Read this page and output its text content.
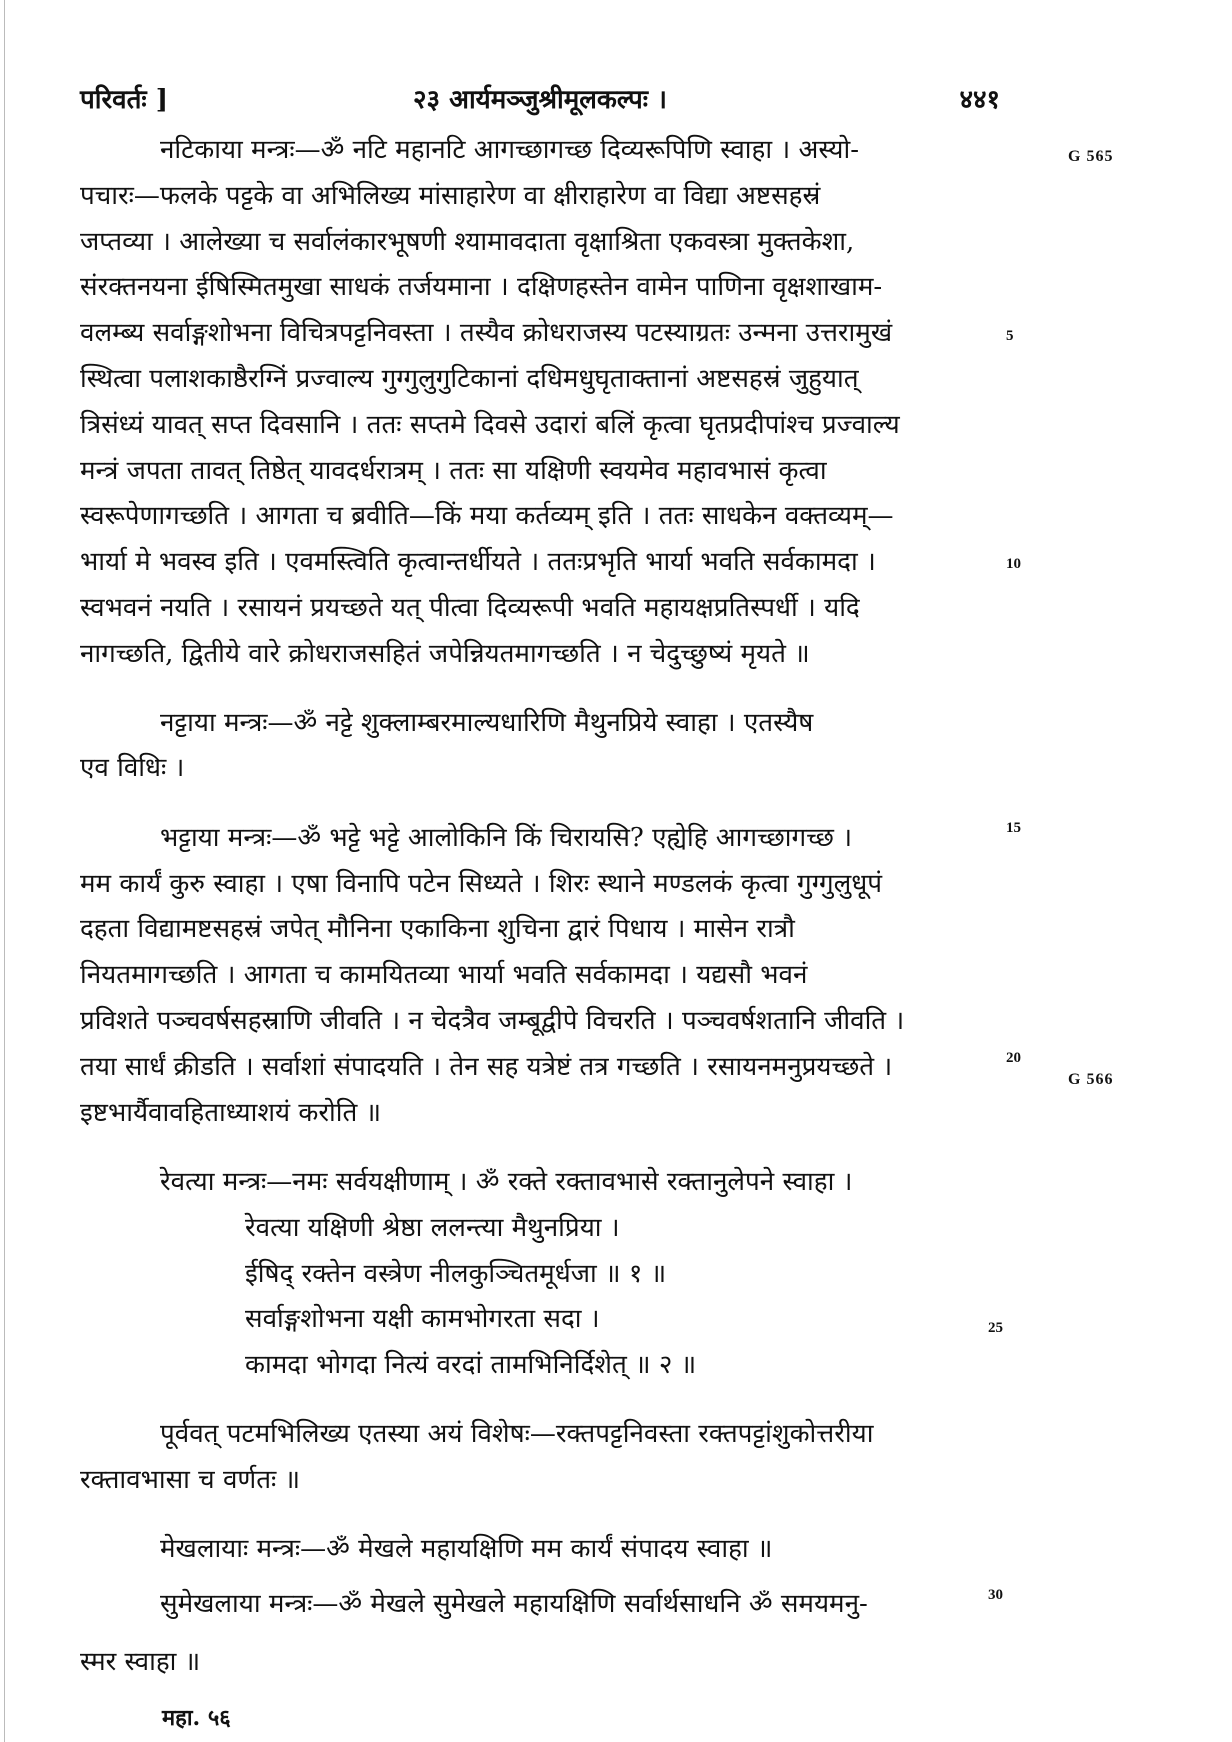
परिवर्तः ]	२३ आर्यमञ्जुश्रीमूलकल्पः ।	४४१
G 565
G 566
नटिकाया मन्त्रः—ॐ नटि महानटि आगच्छागच्छ दिव्यरूपिणि स्वाहा । अस्यो-
पचारः—फलके पट्टके वा अभिलिख्य मांसाहारेण वा क्षीराहारेण वा विद्या अष्टसहस्रं
जप्तव्या । आलेख्या च सर्वालंकारभूषणी श्यामावदाता वृक्षाश्रिता एकवस्त्रा मुक्तकेशा,
संरक्तनयना ईषिस्मितमुखा साधकं तर्जयमाना । दक्षिणहस्तेन वामेन पाणिना वृक्षशाखाम-
वलम्ब्य सर्वाङ्गशोभना विचित्रपट्टनिवस्ता । तस्यैव क्रोधराजस्य पटस्याग्रतः उन्मना उत्तरामुखं	5
स्थित्वा पलाशकाष्ठैरग्निं प्रज्वाल्य गुग्गुलुगुटिकानां दधिमधुघृताक्तानां अष्टसहस्रं जुहुयात्
त्रिसंध्यं यावत् सप्त दिवसानि । ततः सप्तमे दिवसे उदारां बलिं कृत्वा घृतप्रदीपांश्च प्रज्वाल्य
मन्त्रं जपता तावत् तिष्ठेत् यावदर्धरात्रम् । ततः सा यक्षिणी स्वयमेव महावभासं कृत्वा
स्वरूपेणागच्छति । आगता च ब्रवीति—किं मया कर्तव्यम् इति । ततः साधकेन वक्तव्यम्—
भार्या मे भवस्व इति । एवमस्त्विति कृत्वान्तर्धीयते । ततःप्रभृति भार्या भवति सर्वकामदा ।	10
स्वभवनं नयति । रसायनं प्रयच्छते यत् पीत्वा दिव्यरूपी भवति महायक्षप्रतिस्पर्धी । यदि
नागच्छति, द्वितीये वारे क्रोधराजसहितं जपेन्नियतमागच्छति । न चेदुच्छुष्यं मृयते ॥
नट्टाया मन्त्रः—ॐ नट्टे शुक्लाम्बरमाल्यधारिणि मैथुनप्रिये स्वाहा । एतस्यैष
एव विधिः ।
भट्टाया मन्त्रः—ॐ भट्टे भट्टे आलोकिनि किं चिरायसि? एह्येहि आगच्छागच्छ ।	15
मम कार्यं कुरु स्वाहा । एषा विनापि पटेन सिध्यते । शिरः स्थाने मण्डलकं कृत्वा गुग्गुलुधूपं
दहता विद्यामष्टसहस्रं जपेत् मौनिना एकाकिना शुचिना द्वारं पिधाय । मासेन रात्रौ
नियतमागच्छति । आगता च कामयितव्या भार्या भवति सर्वकामदा । यद्यसौ भवनं
प्रविशते पञ्चवर्षसहस्राणि जीवति । न चेदत्रैव जम्बूद्वीपे विचरति । पञ्चवर्षशतानि जीवति ।
तया सार्धं क्रीडति । सर्वाशां संपादयति । तेन सह यत्रेष्टं तत्र गच्छति । रसायनमनुप्रयच्छते ।	20
इष्टभार्यैवावहिताध्याशयं करोति ॥
रेवत्या मन्त्रः—नमः सर्वयक्षीणाम् । ॐ रक्ते रक्तावभासे रक्तानुलेपने स्वाहा ।
रेवत्या यक्षिणी श्रेष्ठा ललन्त्या मैथुनप्रिया ।
ईषिद् रक्तेन वस्त्रेण नीलकुञ्चितमूर्धजा ॥ १ ॥
सर्वाङ्गशोभना यक्षी कामभोगरता सदा ।	25
कामदा भोगदा नित्यं वरदां तामभिनिर्दिशेत् ॥ २ ॥
पूर्ववत् पटमभिलिख्य एतस्या अयं विशेषः—रक्तपट्टनिवस्ता रक्तपट्टांशुकोत्तरीया
रक्तावभासा च वर्णतः ॥
मेखलायाः मन्त्रः—ॐ मेखले महायक्षिणि मम कार्यं संपादय स्वाहा ॥
सुमेखलाया मन्त्रः—ॐ मेखले सुमेखले महायक्षिणि सर्वार्थसाधनि ॐ समयमनु-	30
स्मर स्वाहा ॥
महा. ५६
